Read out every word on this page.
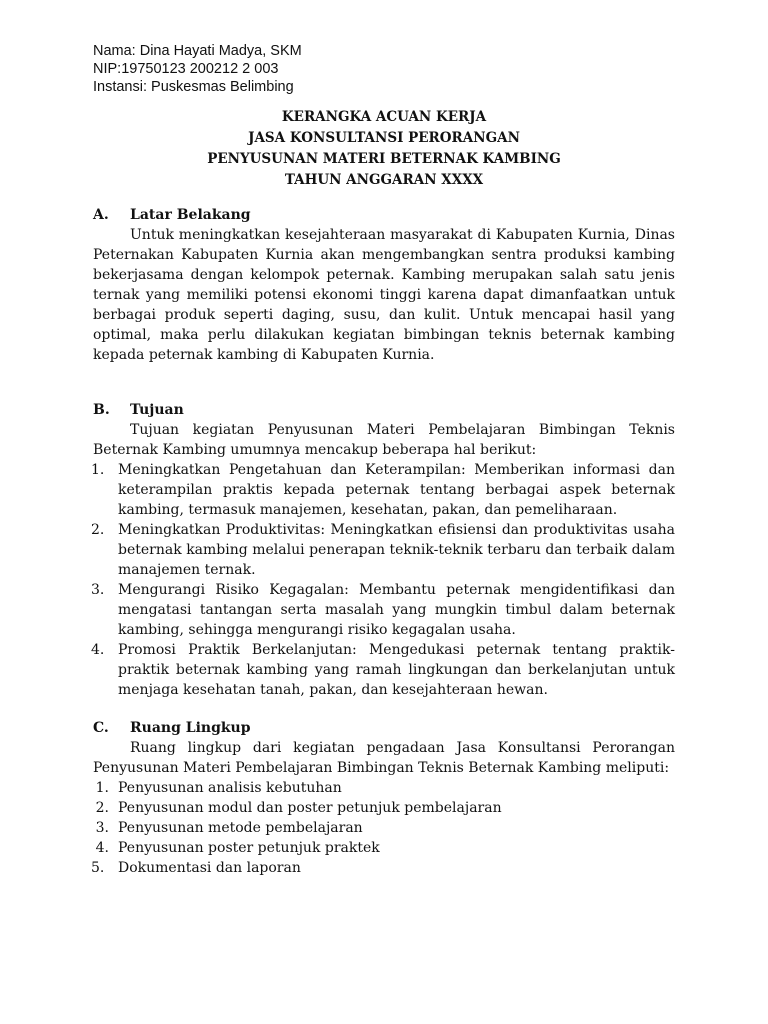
Nama: Dina Hayati Madya, SKM
NIP:19750123 200212 2 003
Instansi: Puskesmas Belimbing
KERANGKA ACUAN KERJA
JASA KONSULTANSI PERORANGAN
PENYUSUNAN MATERI BETERNAK KAMBING
TAHUN ANGGARAN XXXX
A.	Latar Belakang
Untuk meningkatkan kesejahteraan masyarakat di Kabupaten Kurnia, Dinas Peternakan Kabupaten Kurnia akan mengembangkan sentra produksi kambing bekerjasama dengan kelompok peternak. Kambing merupakan salah satu jenis ternak yang memiliki potensi ekonomi tinggi karena dapat dimanfaatkan untuk berbagai produk seperti daging, susu, dan kulit. Untuk mencapai hasil yang optimal, maka perlu dilakukan kegiatan bimbingan teknis beternak kambing kepada peternak kambing di Kabupaten Kurnia.
B.	Tujuan
Tujuan kegiatan Penyusunan Materi Pembelajaran Bimbingan Teknis Beternak Kambing umumnya mencakup beberapa hal berikut:
1. Meningkatkan Pengetahuan dan Keterampilan: Memberikan informasi dan keterampilan praktis kepada peternak tentang berbagai aspek beternak kambing, termasuk manajemen, kesehatan, pakan, dan pemeliharaan.
2. Meningkatkan Produktivitas: Meningkatkan efisiensi dan produktivitas usaha beternak kambing melalui penerapan teknik-teknik terbaru dan terbaik dalam manajemen ternak.
3. Mengurangi Risiko Kegagalan: Membantu peternak mengidentifikasi dan mengatasi tantangan serta masalah yang mungkin timbul dalam beternak kambing, sehingga mengurangi risiko kegagalan usaha.
4. Promosi Praktik Berkelanjutan: Mengedukasi peternak tentang praktik-praktik beternak kambing yang ramah lingkungan dan berkelanjutan untuk menjaga kesehatan tanah, pakan, dan kesejahteraan hewan.
C.	Ruang Lingkup
Ruang lingkup dari kegiatan pengadaan Jasa Konsultansi Perorangan Penyusunan Materi Pembelajaran Bimbingan Teknis Beternak Kambing meliputi:
1. Penyusunan analisis kebutuhan
2. Penyusunan modul dan poster petunjuk pembelajaran
3. Penyusunan metode pembelajaran
4. Penyusunan poster petunjuk praktek
5. Dokumentasi dan laporan
